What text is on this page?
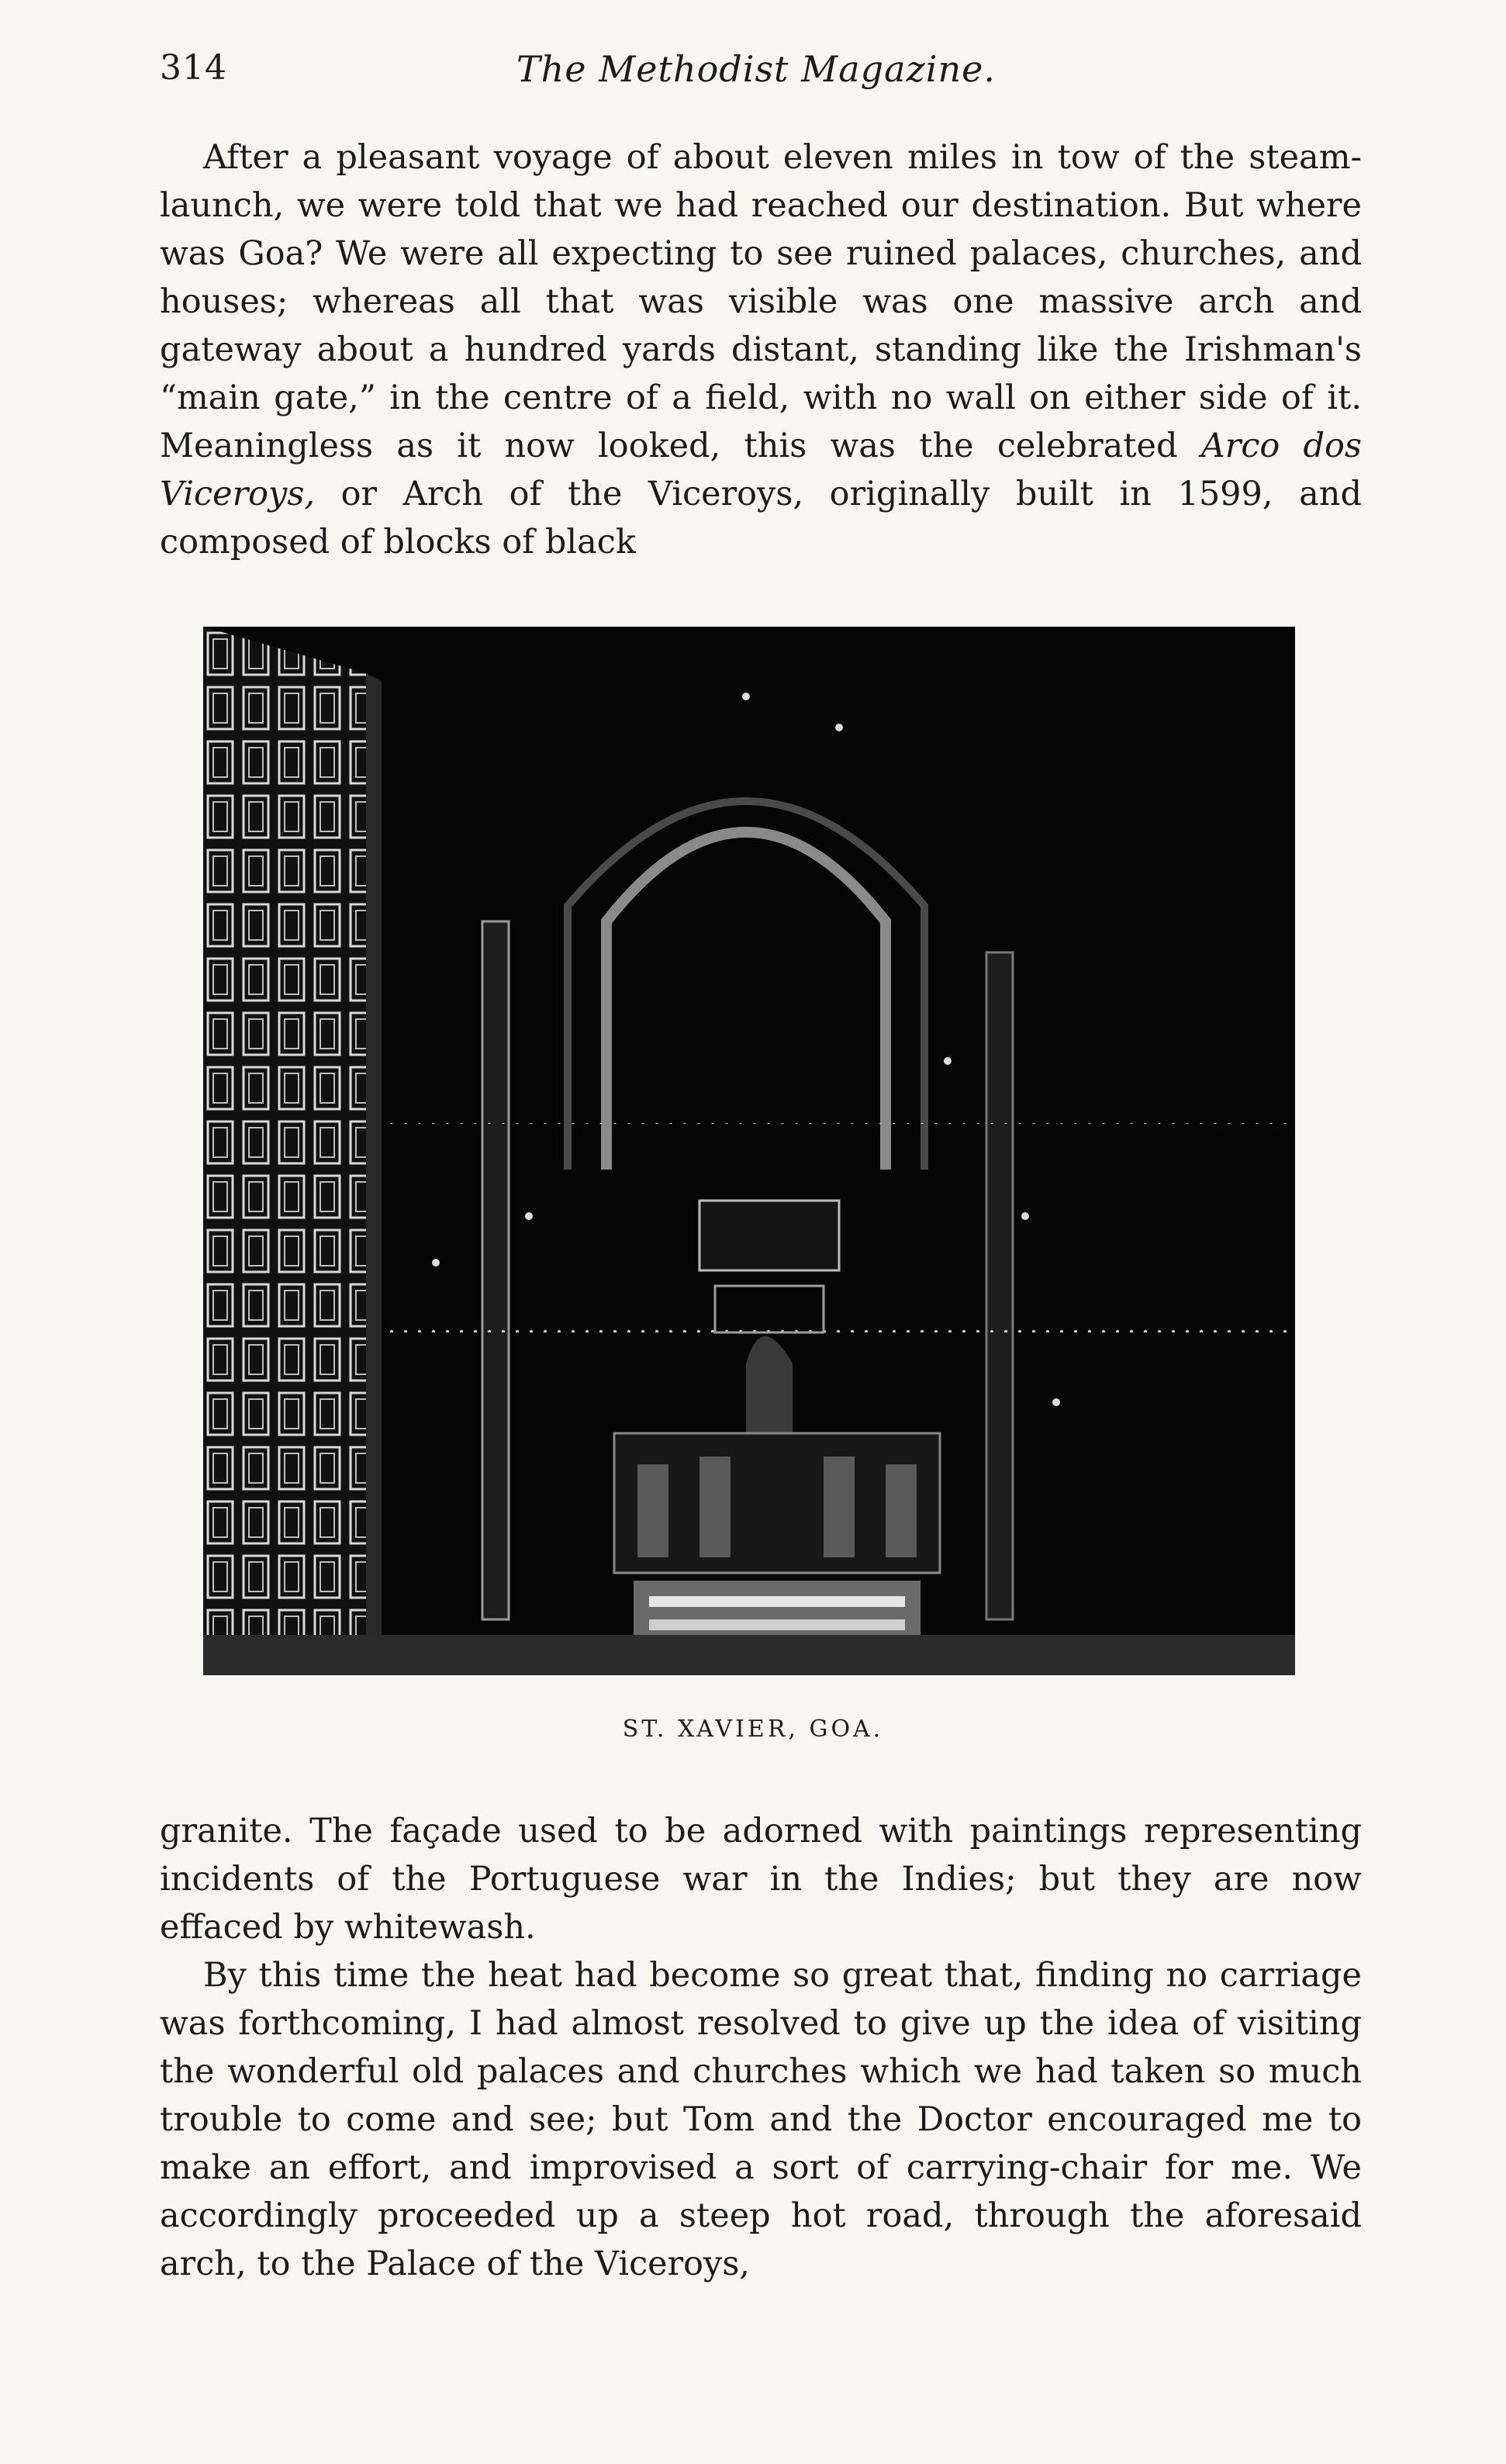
314	The Methodist Magazine.

After a pleasant voyage of about eleven miles in tow of the steam-launch, we were told that we had reached our destination. But where was Goa? We were all expecting to see ruined palaces, churches, and houses; whereas all that was visible was one massive arch and gateway about a hundred yards distant, standing like the Irishman's “main gate,” in the centre of a field, with no wall on either side of it. Meaningless as it now looked, this was the celebrated Arco dos Viceroys, or Arch of the Viceroys, originally built in 1599, and composed of blocks of black

ST. XAVIER, GOA.

granite. The façade used to be adorned with paintings representing incidents of the Portuguese war in the Indies; but they are now effaced by whitewash.

By this time the heat had become so great that, finding no carriage was forthcoming, I had almost resolved to give up the idea of visiting the wonderful old palaces and churches which we had taken so much trouble to come and see; but Tom and the Doctor encouraged me to make an effort, and improvised a sort of carrying-chair for me. We accordingly proceeded up a steep hot road, through the aforesaid arch, to the Palace of the Viceroys,
